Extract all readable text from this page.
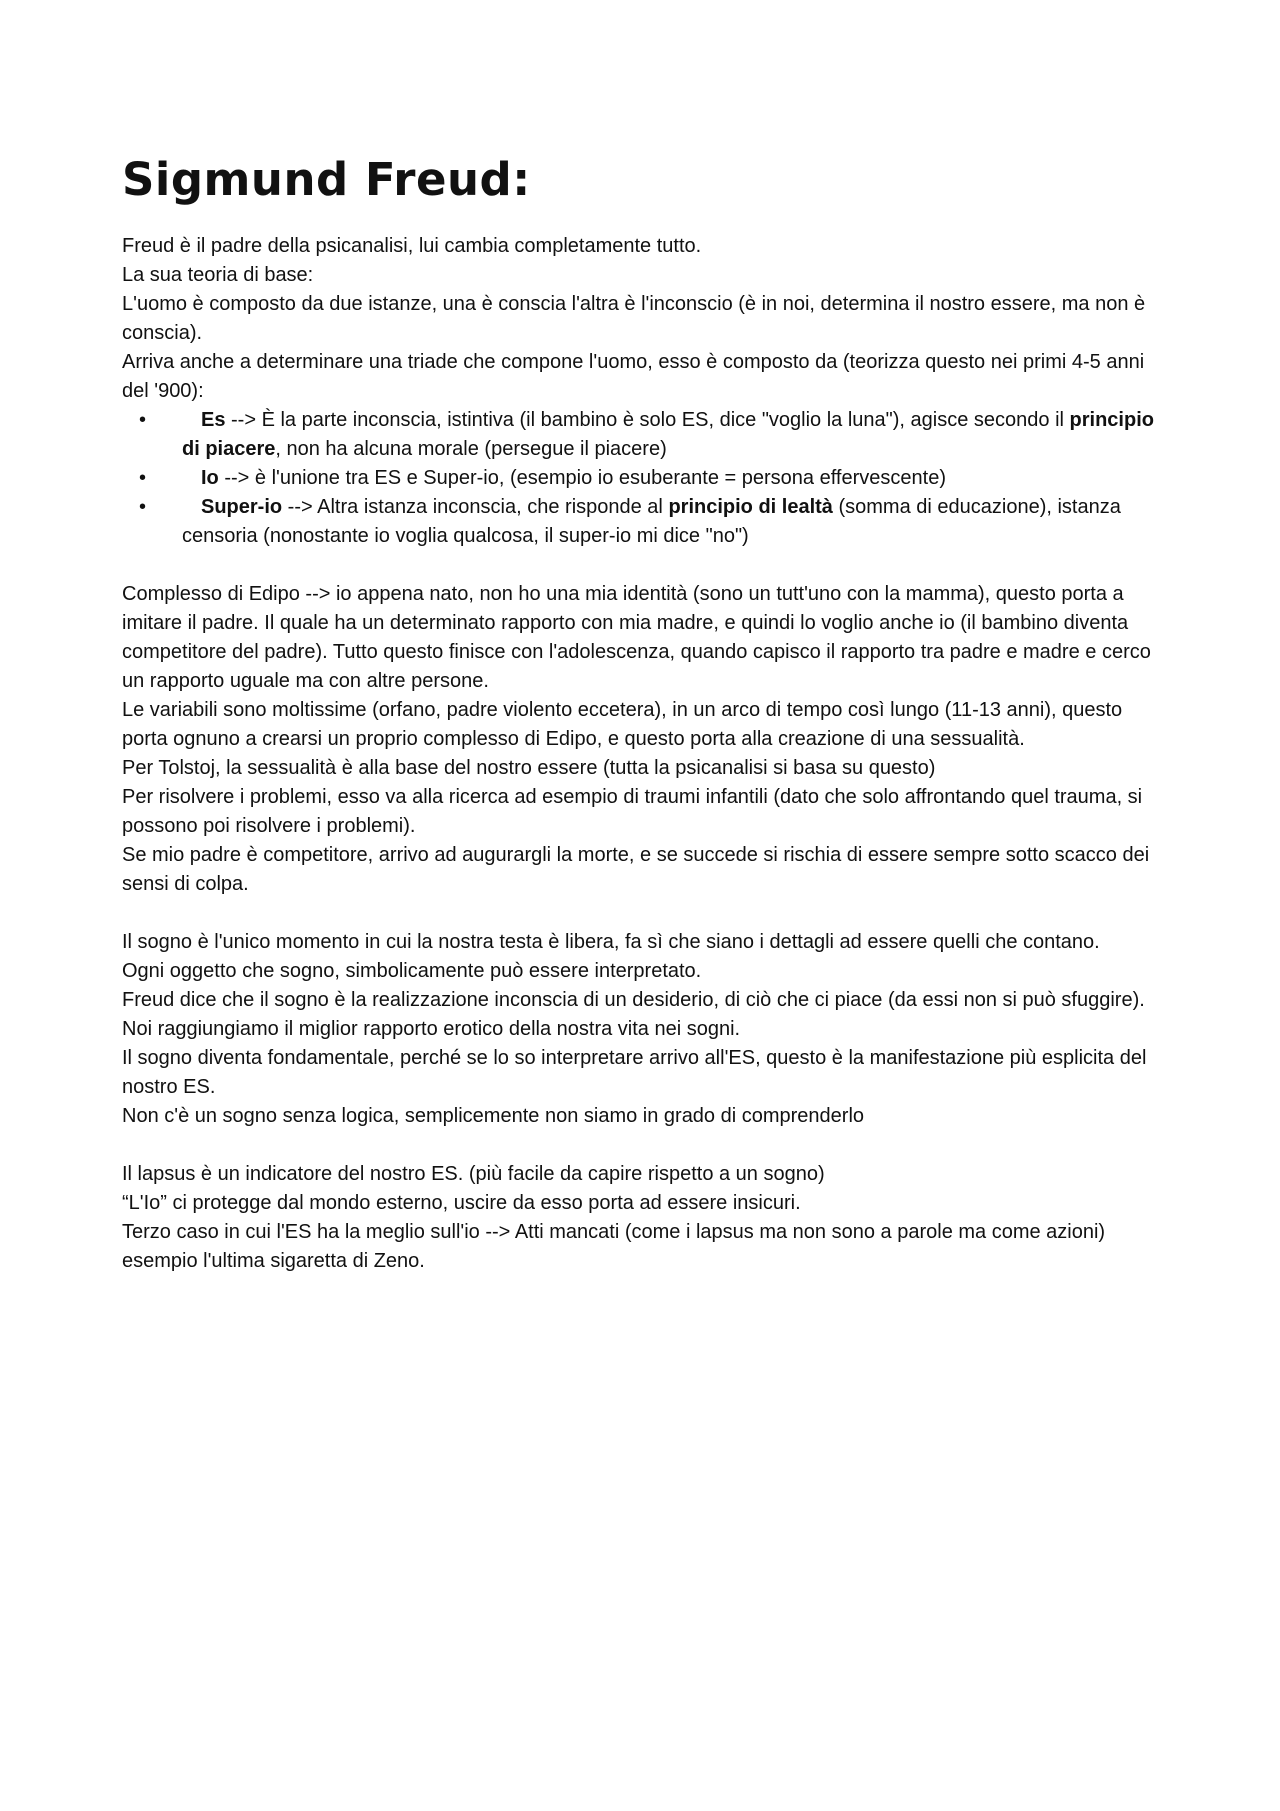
Sigmund Freud:

Freud è il padre della psicanalisi, lui cambia completamente tutto.

La sua teoria di base:

L'uomo è composto da due istanze, una è conscia l'altra è l'inconscio (è in noi, determina il nostro essere, ma non è conscia).

Arriva anche a determinare una triade che compone l'uomo, esso è composto da (teorizza questo nei primi 4-5 anni del '900):

•	Es --> È la parte inconscia, istintiva (il bambino è solo ES, dice "voglio la luna"), agisce secondo il principio di piacere, non ha alcuna morale (persegue il piacere)
•	Io --> è l'unione tra ES e Super-io, (esempio io esuberante = persona effervescente)
•	Super-io --> Altra istanza inconscia, che risponde al principio di lealtà (somma di educazione), istanza censoria (nonostante io voglia qualcosa, il super-io mi dice "no")

Complesso di Edipo --> io appena nato, non ho una mia identità (sono un tutt'uno con la mamma), questo porta a imitare il padre. Il quale ha un determinato rapporto con mia madre, e quindi lo voglio anche io (il bambino diventa competitore del padre). Tutto questo finisce con l'adolescenza, quando capisco il rapporto tra padre e madre e cerco un rapporto uguale ma con altre persone.

Le variabili sono moltissime (orfano, padre violento eccetera), in un arco di tempo così lungo (11-13 anni), questo porta ognuno a crearsi un proprio complesso di Edipo, e questo porta alla creazione di una sessualità.

Per Tolstoj, la sessualità è alla base del nostro essere (tutta la psicanalisi si basa su questo)

Per risolvere i problemi, esso va alla ricerca ad esempio di traumi infantili (dato che solo affrontando quel trauma, si possono poi risolvere i problemi).

Se mio padre è competitore, arrivo ad augurargli la morte, e se succede si rischia di essere sempre sotto scacco dei sensi di colpa.

Il sogno è l'unico momento in cui la nostra testa è libera, fa sì che siano i dettagli ad essere quelli che contano.

Ogni oggetto che sogno, simbolicamente può essere interpretato.

Freud dice che il sogno è la realizzazione inconscia di un desiderio, di ciò che ci piace (da essi non si può sfuggire).

Noi raggiungiamo il miglior rapporto erotico della nostra vita nei sogni.

Il sogno diventa fondamentale, perché se lo so interpretare arrivo all'ES, questo è la manifestazione più esplicita del nostro ES.

Non c'è un sogno senza logica, semplicemente non siamo in grado di comprenderlo

Il lapsus è un indicatore del nostro ES. (più facile da capire rispetto a un sogno)

“L'Io” ci protegge dal mondo esterno, uscire da esso porta ad essere insicuri.

Terzo caso in cui l'ES ha la meglio sull'io --> Atti mancati (come i lapsus ma non sono a parole ma come azioni) esempio l'ultima sigaretta di Zeno.
